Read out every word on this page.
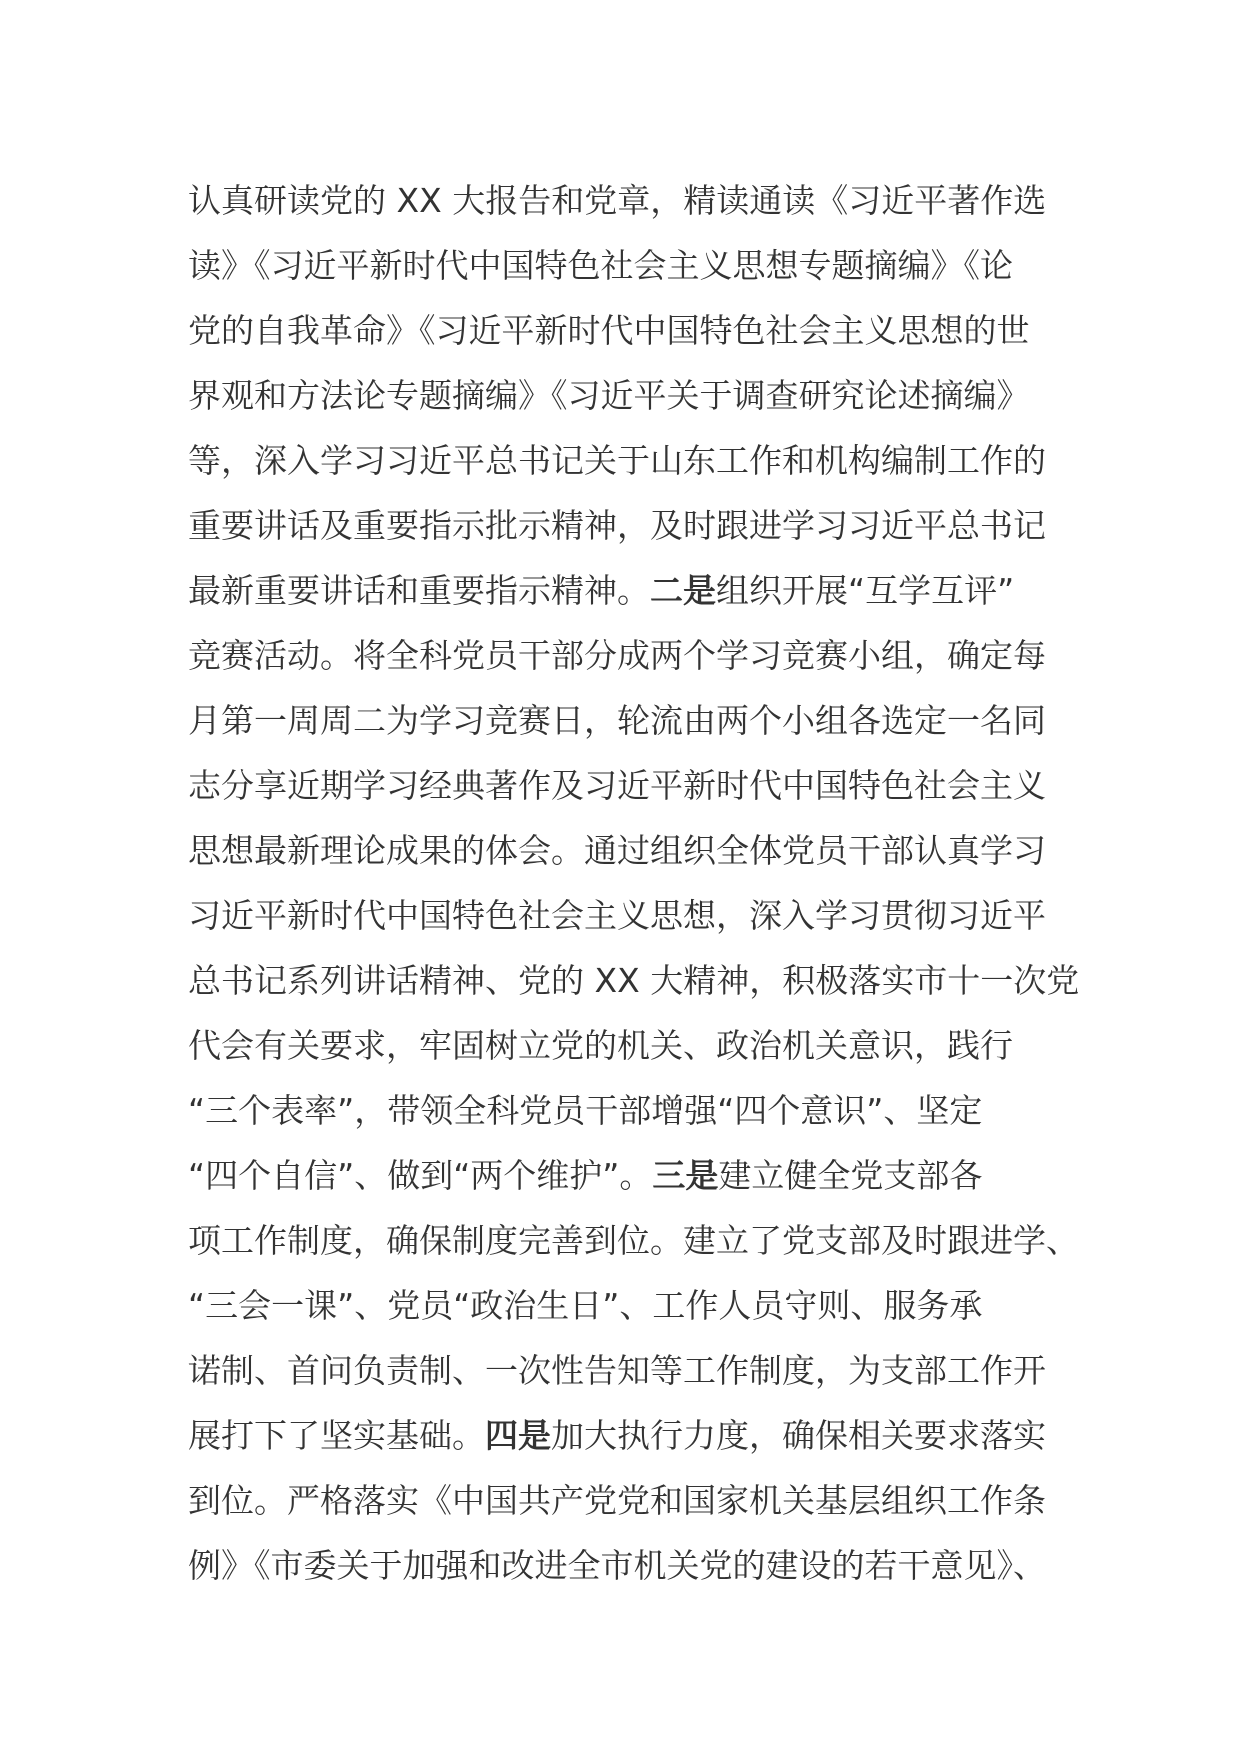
认真研读党的 XX 大报告和党章，精读通读《习近平著作选
读》《习近平新时代中国特色社会主义思想专题摘编》《论
党的自我革命》《习近平新时代中国特色社会主义思想的世
界观和方法论专题摘编》《习近平关于调查研究论述摘编》
等，深入学习习近平总书记关于山东工作和机构编制工作的
重要讲话及重要指示批示精神，及时跟进学习习近平总书记
最新重要讲话和重要指示精神。二是组织开展“互学互评”
竞赛活动。将全科党员干部分成两个学习竞赛小组，确定每
月第一周周二为学习竞赛日，轮流由两个小组各选定一名同
志分享近期学习经典著作及习近平新时代中国特色社会主义
思想最新理论成果的体会。通过组织全体党员干部认真学习
习近平新时代中国特色社会主义思想，深入学习贯彻习近平
总书记系列讲话精神、党的 XX 大精神，积极落实市十一次党
代会有关要求，牢固树立党的机关、政治机关意识，践行
“三个表率”，带领全科党员干部增强“四个意识”、坚定
“四个自信”、做到“两个维护”。三是建立健全党支部各
项工作制度，确保制度完善到位。建立了党支部及时跟进学、
“三会一课”、党员“政治生日”、工作人员守则、服务承
诺制、首问负责制、一次性告知等工作制度，为支部工作开
展打下了坚实基础。四是加大执行力度，确保相关要求落实
到位。严格落实《中国共产党党和国家机关基层组织工作条
例》《市委关于加强和改进全市机关党的建设的若干意见》、
